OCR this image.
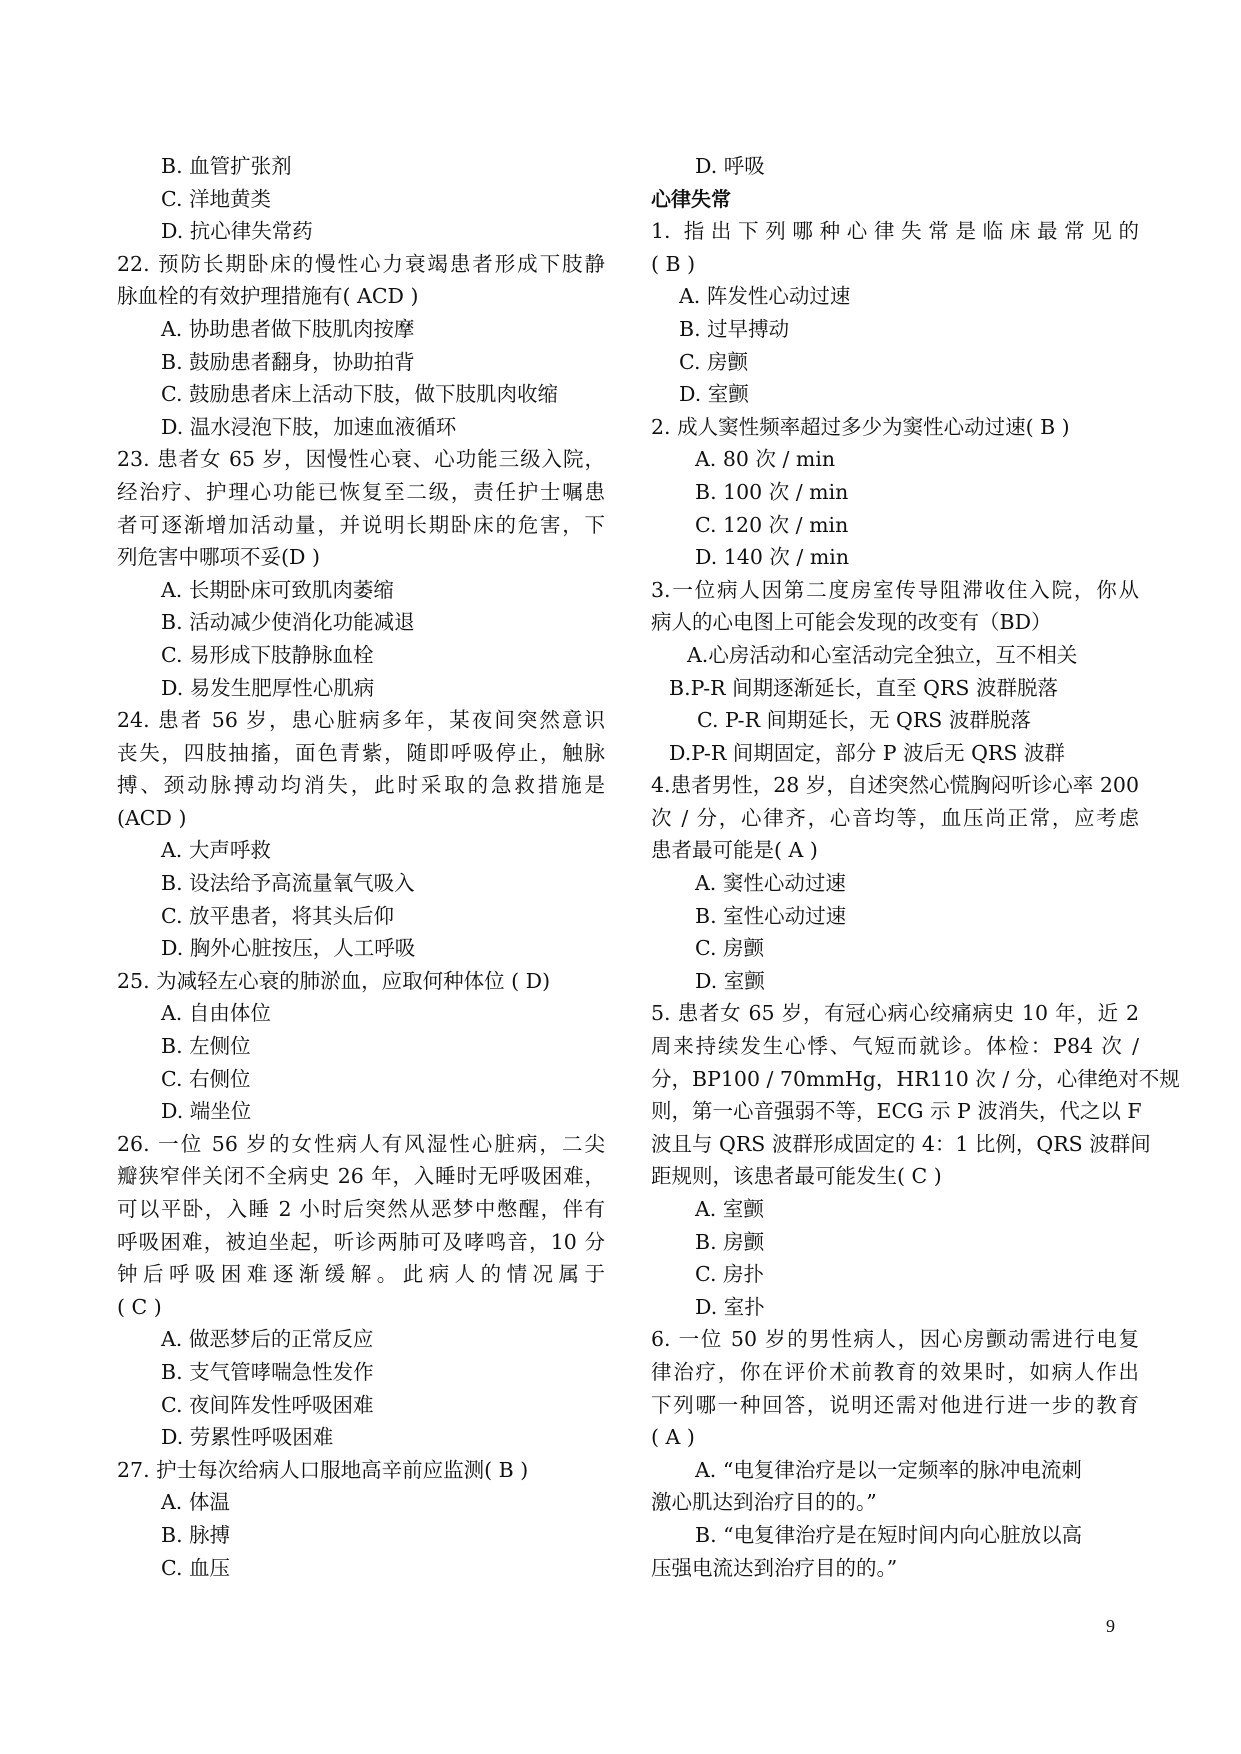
B. 血管扩张剂
C. 洋地黄类
D. 抗心律失常药
22. 预防长期卧床的慢性心力衰竭患者形成下肢静
脉血栓的有效护理措施有( ACD )
A. 协助患者做下肢肌肉按摩
B. 鼓励患者翻身，协助拍背
C. 鼓励患者床上活动下肢，做下肢肌肉收缩
D. 温水浸泡下肢，加速血液循环
23. 患者女 65 岁，因慢性心衰、心功能三级入院，
经治疗、护理心功能已恢复至二级，责任护士嘱患
者可逐渐增加活动量，并说明长期卧床的危害，下
列危害中哪项不妥(D )
A. 长期卧床可致肌肉萎缩
B. 活动减少使消化功能减退
C. 易形成下肢静脉血栓
D. 易发生肥厚性心肌病
24. 患者 56 岁，患心脏病多年，某夜间突然意识
丧失，四肢抽搐，面色青紫，随即呼吸停止，触脉
搏、颈动脉搏动均消失，此时采取的急救措施是
(ACD )
A. 大声呼救
B. 设法给予高流量氧气吸入
C. 放平患者，将其头后仰
D. 胸外心脏按压，人工呼吸
25. 为减轻左心衰的肺淤血，应取何种体位 ( D)
A. 自由体位
B. 左侧位
C. 右侧位
D. 端坐位
26. 一位 56 岁的女性病人有风湿性心脏病，二尖
瓣狭窄伴关闭不全病史 26 年，入睡时无呼吸困难，
可以平卧，入睡 2 小时后突然从恶梦中憋醒，伴有
呼吸困难，被迫坐起，听诊两肺可及哮鸣音，10 分
钟后呼吸困难逐渐缓解。此病人的情况属于
( C )
A. 做恶梦后的正常反应
B. 支气管哮喘急性发作
C. 夜间阵发性呼吸困难
D. 劳累性呼吸困难
27. 护士每次给病人口服地高辛前应监测( B )
A. 体温
B. 脉搏
C. 血压
D. 呼吸
心律失常
1. 指出下列哪种心律失常是临床最常见的
( B )
A. 阵发性心动过速
B. 过早搏动
C. 房颤
D. 室颤
2. 成人窦性频率超过多少为窦性心动过速( B )
A. 80 次 / min
B. 100 次 / min
C. 120 次 / min
D. 140 次 / min
3.一位病人因第二度房室传导阻滞收住入院，你从
病人的心电图上可能会发现的改变有（BD）
A.心房活动和心室活动完全独立，互不相关
B.P-R 间期逐渐延长，直至 QRS 波群脱落
C. P-R 间期延长，无 QRS 波群脱落
D.P-R 间期固定，部分 P 波后无 QRS 波群
4.患者男性，28 岁，自述突然心慌胸闷听诊心率 200
次 / 分，心律齐，心音均等，血压尚正常，应考虑
患者最可能是( A )
A. 窦性心动过速
B. 室性心动过速
C. 房颤
D. 室颤
5. 患者女 65 岁，有冠心病心绞痛病史 10 年，近 2
周来持续发生心悸、气短而就诊。体检：P84 次 /
分，BP100 / 70mmHg，HR110 次 / 分，心律绝对不规
则，第一心音强弱不等，ECG 示 P 波消失，代之以 F
波且与 QRS 波群形成固定的 4：1 比例，QRS 波群间
距规则，该患者最可能发生( C )
A. 室颤
B. 房颤
C. 房扑
D. 室扑
6. 一位 50 岁的男性病人，因心房颤动需进行电复
律治疗，你在评价术前教育的效果时，如病人作出
下列哪一种回答，说明还需对他进行进一步的教育
( A )
A. “电复律治疗是以一定频率的脉冲电流刺
激心肌达到治疗目的的。”
B. “电复律治疗是在短时间内向心脏放以高
压强电流达到治疗目的的。”
9
